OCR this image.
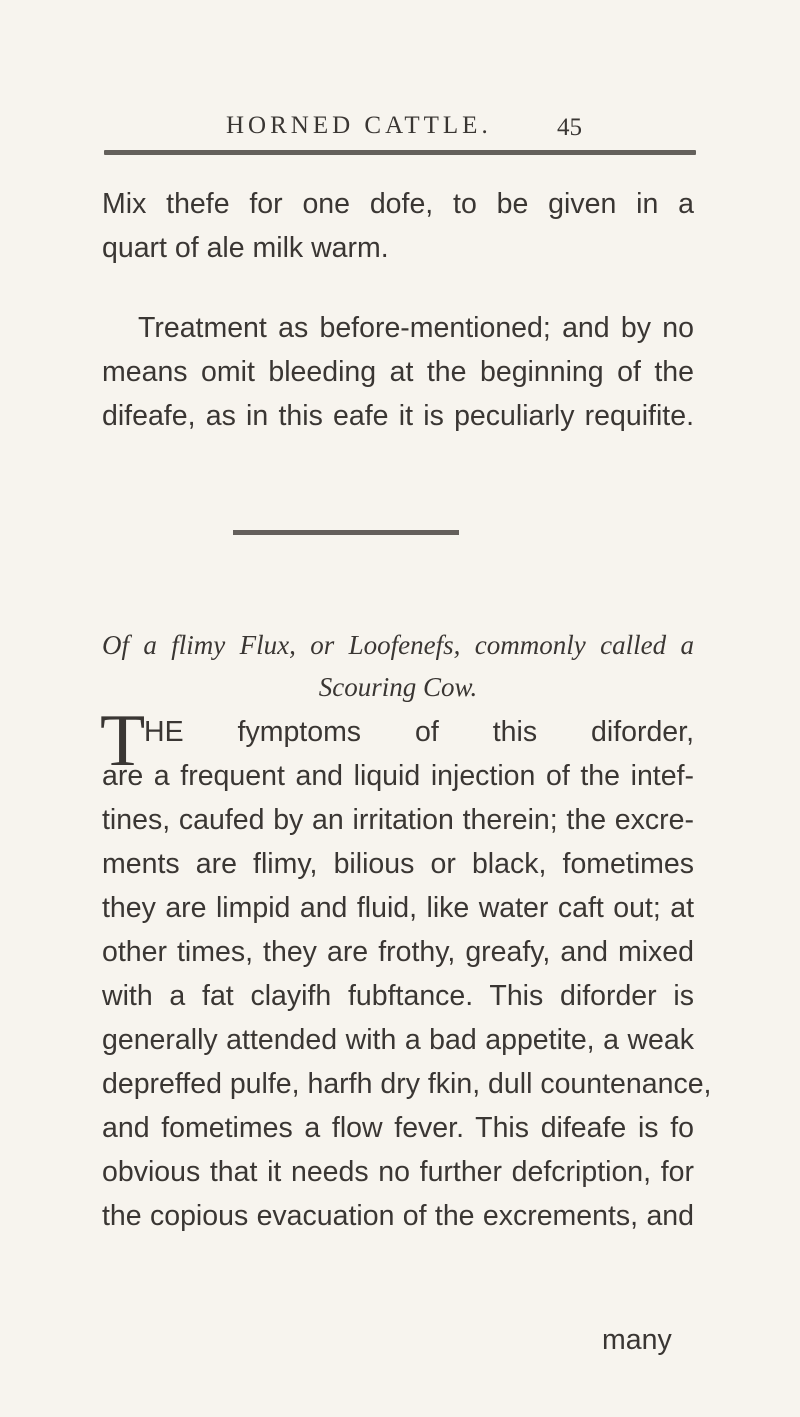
HORNED CATTLE.	45
Mix thefe for one dofe, to be given in a
quart of ale milk warm.
Treatment as before-mentioned; and by no
means omit bleeding at the beginning of the
difeafe, as in this eafe it is peculiarly requifite.
Of a flimy Flux, or Loofenefs, commonly called a
Scouring Cow.
T
HE fymptoms of this diforder,
are a frequent and liquid injection of the intef-
tines, caufed by an irritation therein; the excre-
ments are flimy, bilious or black, fometimes
they are limpid and fluid, like water caft out; at
other times, they are frothy, greafy, and mixed
with a fat clayifh fubftance. This diforder is
generally attended with a bad appetite, a weak
depreffed pulfe, harfh dry fkin, dull countenance,
and fometimes a flow fever. This difeafe is fo
obvious that it needs no further defcription, for
the copious evacuation of the excrements, and
many
